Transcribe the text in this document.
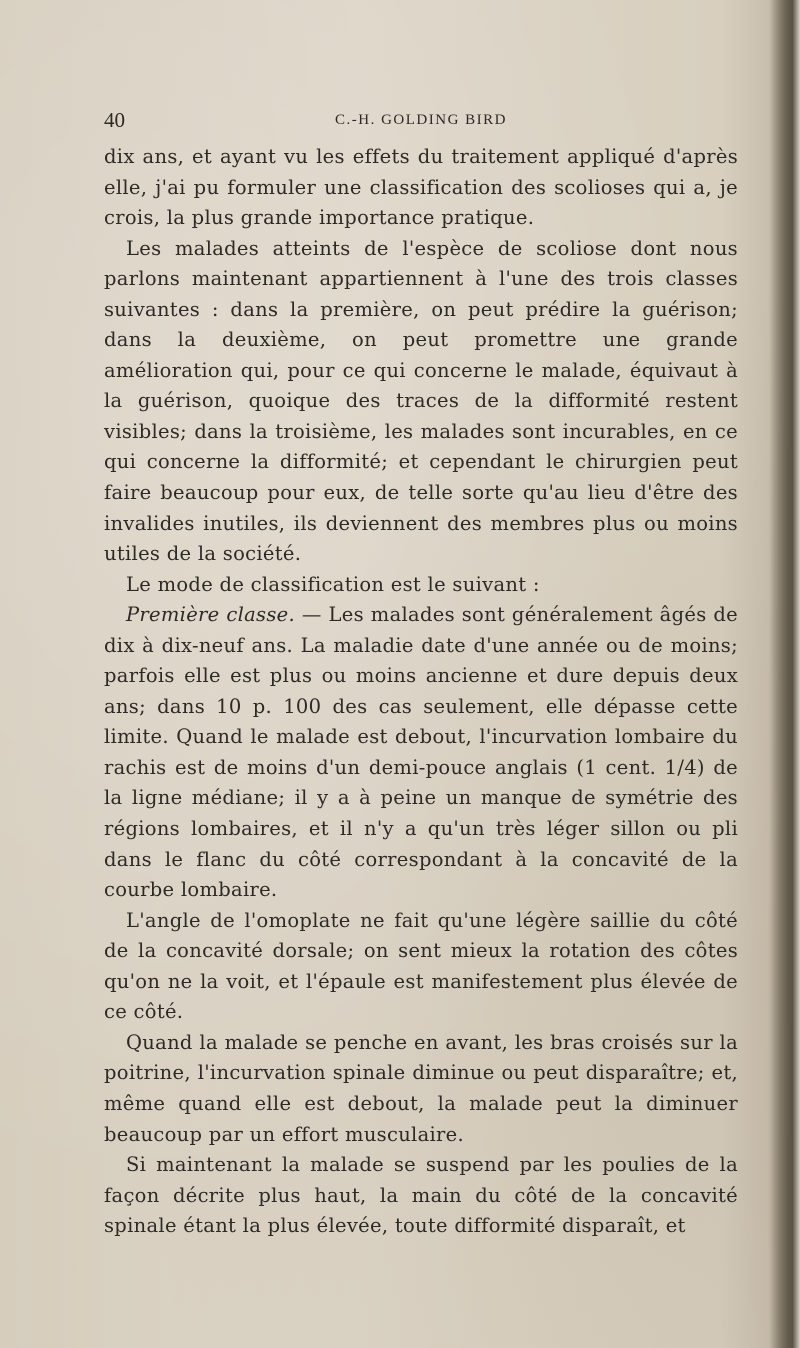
40	C.-H. GOLDING BIRD

dix ans, et ayant vu les effets du traitement appliqué d'après elle, j'ai pu formuler une classification des scolioses qui a, je crois, la plus grande importance pratique.

Les malades atteints de l'espèce de scoliose dont nous parlons maintenant appartiennent à l'une des trois classes suivantes : dans la première, on peut prédire la guérison; dans la deuxième, on peut promettre une grande amélioration qui, pour ce qui concerne le malade, équivaut à la guérison, quoique des traces de la difformité restent visibles; dans la troisième, les malades sont incurables, en ce qui concerne la difformité; et cependant le chirurgien peut faire beaucoup pour eux, de telle sorte qu'au lieu d'être des invalides inutiles, ils deviennent des membres plus ou moins utiles de la société.

Le mode de classification est le suivant :

Première classe. — Les malades sont généralement âgés de dix à dix-neuf ans. La maladie date d'une année ou de moins; parfois elle est plus ou moins ancienne et dure depuis deux ans; dans 10 p. 100 des cas seulement, elle dépasse cette limite. Quand le malade est debout, l'incurvation lombaire du rachis est de moins d'un demi-pouce anglais (1 cent. 1/4) de la ligne médiane; il y a à peine un manque de symétrie des régions lombaires, et il n'y a qu'un très léger sillon ou pli dans le flanc du côté correspondant à la concavité de la courbe lombaire.

L'angle de l'omoplate ne fait qu'une légère saillie du côté de la concavité dorsale; on sent mieux la rotation des côtes qu'on ne la voit, et l'épaule est manifestement plus élevée de ce côté.

Quand la malade se penche en avant, les bras croisés sur la poitrine, l'incurvation spinale diminue ou peut disparaître; et, même quand elle est debout, la malade peut la diminuer beaucoup par un effort musculaire.

Si maintenant la malade se suspend par les poulies de la façon décrite plus haut, la main du côté de la concavité spinale étant la plus élevée, toute difformité disparaît, et
